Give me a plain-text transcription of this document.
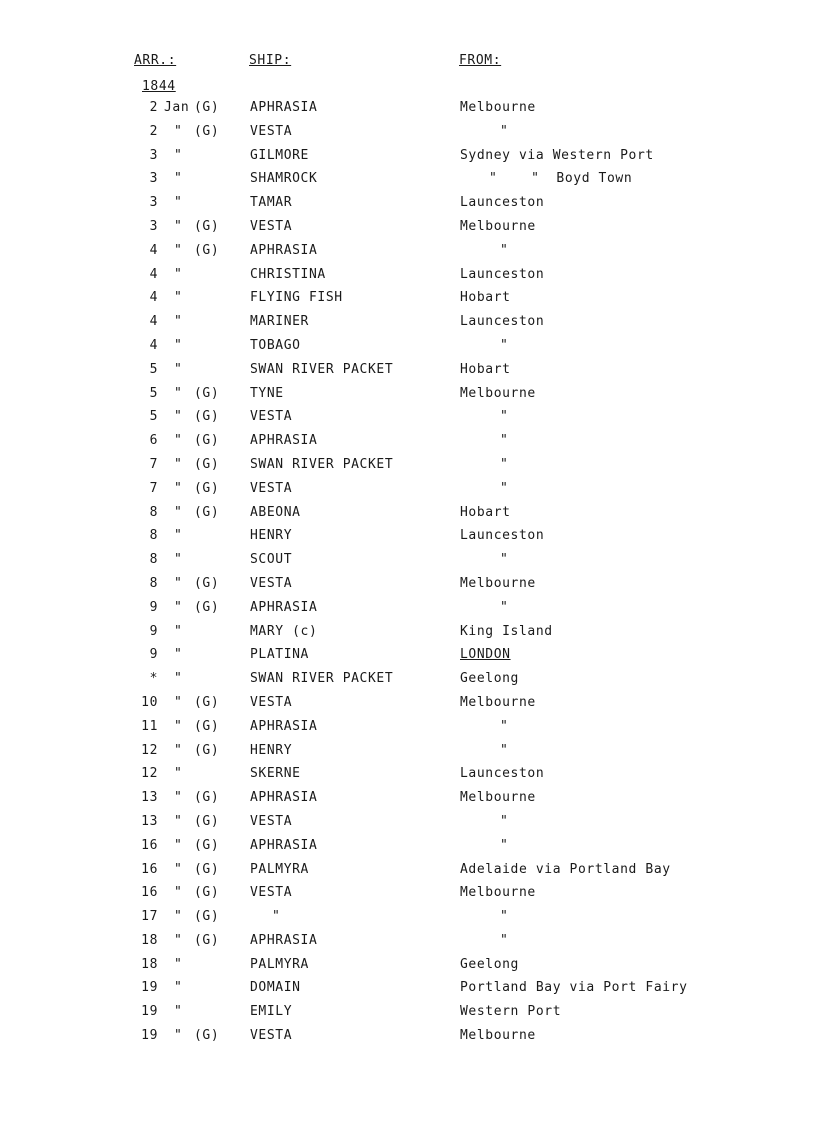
ARR.:	SHIP:	FROM:
1844
2 Jan (G) APHRASIA	Melbourne
2 " (G) VESTA	"
3 "	GILMORE	Sydney via Western Port
3 "	SHAMROCK	"    "  Boyd Town
3 "	TAMAR	Launceston
3 " (G) VESTA	Melbourne
4 " (G) APHRASIA	"
4 "	CHRISTINA	Launceston
4 "	FLYING FISH	Hobart
4 "	MARINER	Launceston
4 "	TOBAGO	"
5 "	SWAN RIVER PACKET	Hobart
5 " (G) TYNE	Melbourne
5 " (G) VESTA	"
6 " (G) APHRASIA	"
7 " (G) SWAN RIVER PACKET	"
7 " (G) VESTA	"
8 " (G) ABEONA	Hobart
8 "	HENRY	Launceston
8 "	SCOUT	"
8 " (G) VESTA	Melbourne
9 " (G) APHRASIA	"
9 "	MARY (c)	King Island
9 "	PLATINA	LONDON
* "	SWAN RIVER PACKET	Geelong
10 " (G) VESTA	Melbourne
11 " (G) APHRASIA	"
12 " (G) HENRY	"
12 "	SKERNE	Launceston
13 " (G) APHRASIA	Melbourne
13 " (G) VESTA	"
16 " (G) APHRASIA	"
16 " (G) PALMYRA	Adelaide via Portland Bay
16 " (G) VESTA	Melbourne
17 " (G)	"	"
18 " (G) APHRASIA	"
18 "	PALMYRA	Geelong
19 "	DOMAIN	Portland Bay via Port Fairy
19 "	EMILY	Western Port
19 " (G) VESTA	Melbourne
